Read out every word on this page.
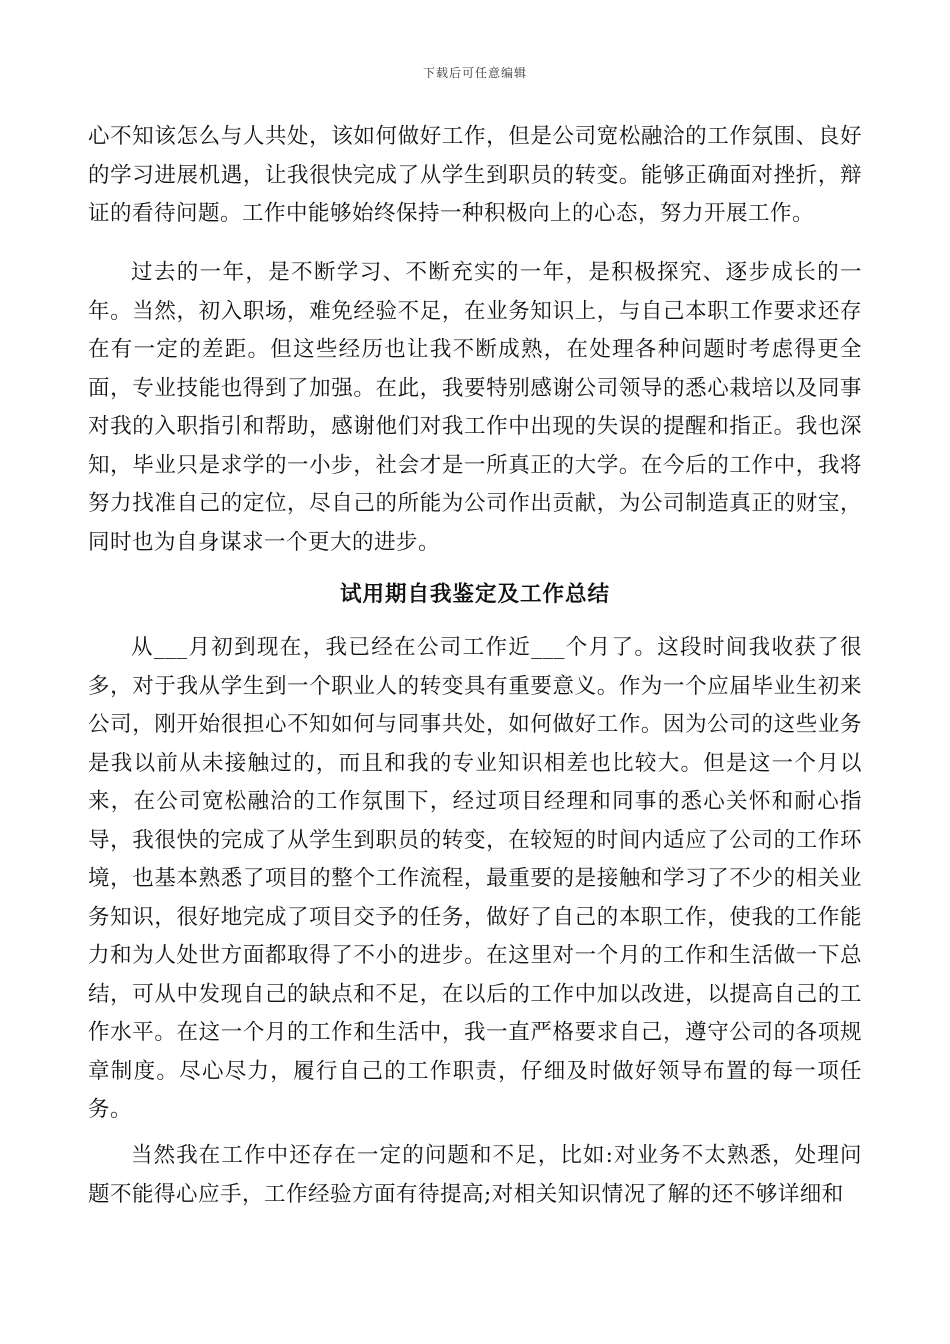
下载后可任意编辑

心不知该怎么与人共处，该如何做好工作，但是公司宽松融洽的工作氛围、良好的学习进展机遇，让我很快完成了从学生到职员的转变。能够正确面对挫折，辩证的看待问题。工作中能够始终保持一种积极向上的心态，努力开展工作。

过去的一年，是不断学习、不断充实的一年，是积极探究、逐步成长的一年。当然，初入职场，难免经验不足，在业务知识上，与自己本职工作要求还存在有一定的差距。但这些经历也让我不断成熟，在处理各种问题时考虑得更全面，专业技能也得到了加强。在此，我要特别感谢公司领导的悉心栽培以及同事对我的入职指引和帮助，感谢他们对我工作中出现的失误的提醒和指正。我也深知，毕业只是求学的一小步，社会才是一所真正的大学。在今后的工作中，我将努力找准自己的定位，尽自己的所能为公司作出贡献，为公司制造真正的财宝，同时也为自身谋求一个更大的进步。

试用期自我鉴定及工作总结

从___月初到现在，我已经在公司工作近___个月了。这段时间我收获了很多，对于我从学生到一个职业人的转变具有重要意义。作为一个应届毕业生初来公司，刚开始很担心不知如何与同事共处，如何做好工作。因为公司的这些业务是我以前从未接触过的，而且和我的专业知识相差也比较大。但是这一个月以来，在公司宽松融洽的工作氛围下，经过项目经理和同事的悉心关怀和耐心指导，我很快的完成了从学生到职员的转变，在较短的时间内适应了公司的工作环境，也基本熟悉了项目的整个工作流程，最重要的是接触和学习了不少的相关业务知识，很好地完成了项目交予的任务，做好了自己的本职工作，使我的工作能力和为人处世方面都取得了不小的进步。在这里对一个月的工作和生活做一下总结，可从中发现自己的缺点和不足，在以后的工作中加以改进，以提高自己的工作水平。在这一个月的工作和生活中，我一直严格要求自己，遵守公司的各项规章制度。尽心尽力，履行自己的工作职责，仔细及时做好领导布置的每一项任务。

当然我在工作中还存在一定的问题和不足，比如:对业务不太熟悉，处理问题不能得心应手，工作经验方面有待提高;对相关知识情况了解的还不够详细和
